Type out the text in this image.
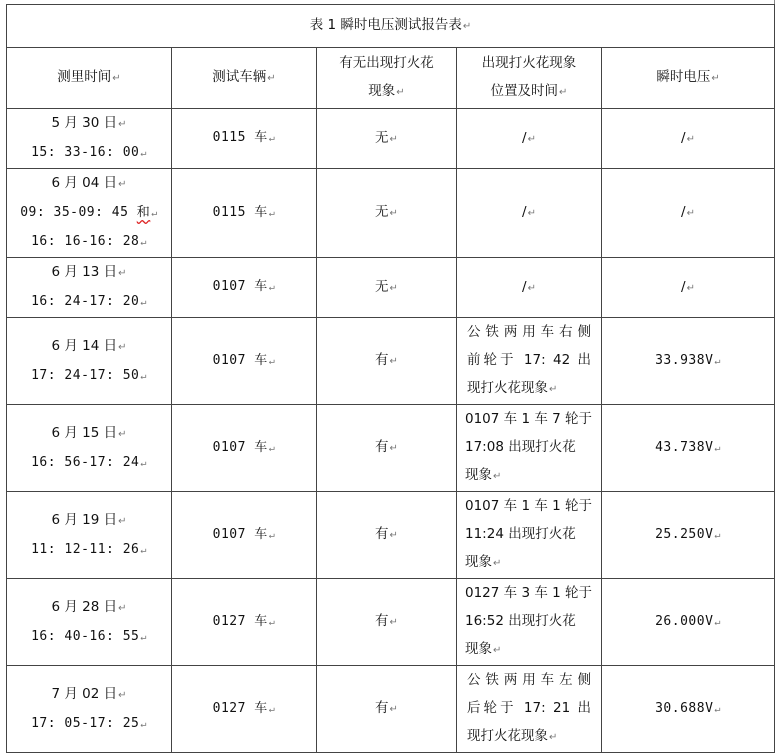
表 1 瞬时电压测试报告表↵				
测里时间↵	测试车辆↵	有无出现打火花
现象↵	出现打火花现象
位置及时间↵	瞬时电压↵

5 月 30 日↵
15: 33-16: 00↵	0115 车↵	无↵	/↵	/↵

6 月 04 日↵
09: 35-09: 45 和↵
16: 16-16: 28↵	0115 车↵	无↵	/↵	/↵

6 月 13 日↵
16: 24-17: 20↵	0107 车↵	无↵	/↵	/↵

6 月 14 日↵
17: 24-17: 50↵	0107 车↵	有↵	公铁两用车右侧
前轮于 17: 42 出
现打火花现象↵	33.938V↵

6 月 15 日↵
16: 56-17: 24↵	0107 车↵	有↵	0107 车 1 车 7 轮于
17:08 出现打火花
现象↵	43.738V↵

6 月 19 日↵
11: 12-11: 26↵	0107 车↵	有↵	0107 车 1 车 1 轮于
11:24 出现打火花
现象↵	25.250V↵

6 月 28 日↵
16: 40-16: 55↵	0127 车↵	有↵	0127 车 3 车 1 轮于
16:52 出现打火花
现象↵	26.000V↵

7 月 02 日↵
17: 05-17: 25↵	0127 车↵	有↵	公铁两用车左侧
后轮于 17: 21 出
现打火花现象↵	30.688V↵
